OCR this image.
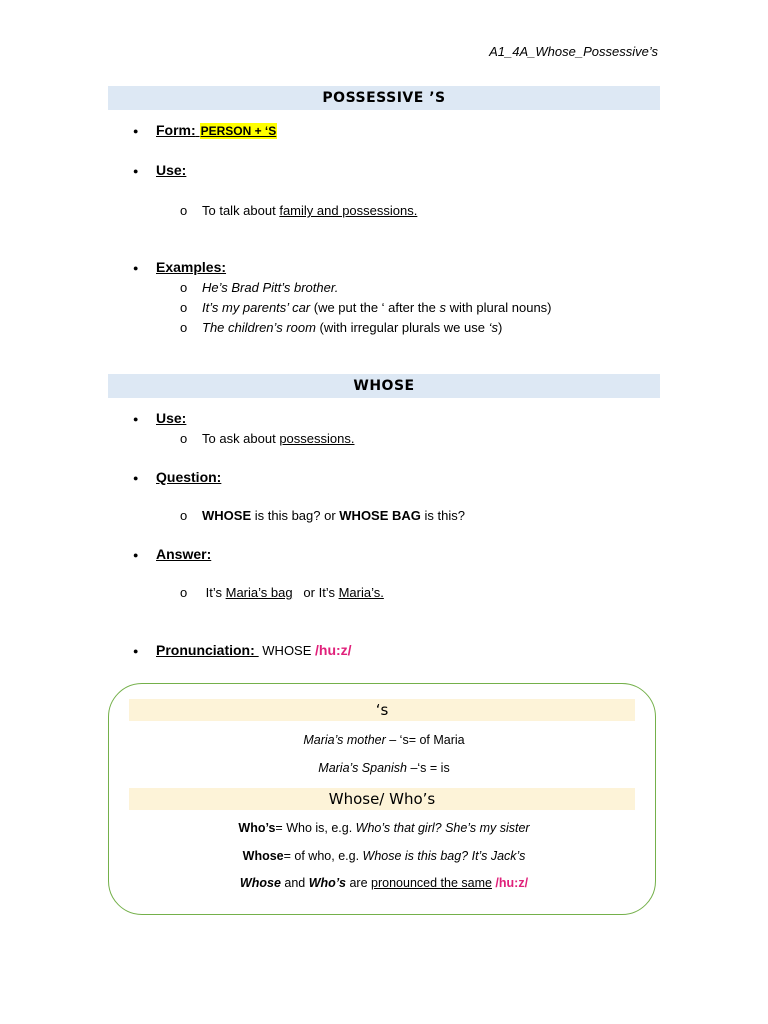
A1_4A_Whose_Possessive’s
POSSESSIVE ’S
● Form: PERSON + ‘S
● Use:
o To talk about family and possessions.
● Examples:
o He’s Brad Pitt’s brother.
o It’s my parents’ car (we put the ‘ after the s with plural nouns)
o The children’s room (with irregular plurals we use ‘s)
WHOSE
● Use:
o To ask about possessions.
● Question:
o WHOSE is this bag? or WHOSE BAG is this?
● Answer:
o It’s Maria’s bag   or It’s Maria’s.
● Pronunciation:  WHOSE /hu:z/
‘s
Maria’s mother – ‘s= of Maria
Maria’s Spanish –‘s = is
Whose/ Who’s
Who’s= Who is, e.g. Who’s that girl? She’s my sister
Whose= of who, e.g. Whose is this bag? It’s Jack’s
Whose and Who’s are pronounced the same /hu:z/
